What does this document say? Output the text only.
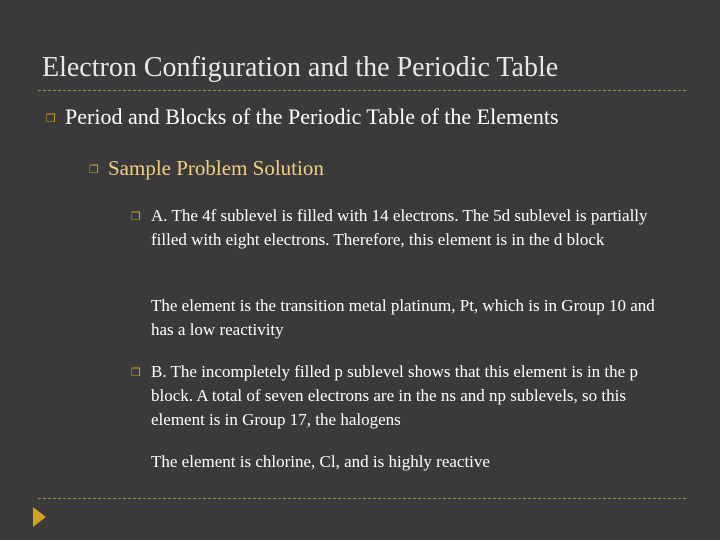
Electron Configuration and the Periodic Table
❒ Period and Blocks of the Periodic Table of the Elements
❒ Sample Problem Solution
❒ A. The 4f sublevel is filled with 14 electrons. The 5d sublevel is partially filled with eight electrons. Therefore, this element is in the d block
The element is the transition metal platinum, Pt, which is in Group 10 and has a low reactivity
❒ B. The incompletely filled p sublevel shows that this element is in the p block. A total of seven electrons are in the ns and np sublevels, so this element is in Group 17, the halogens
The element is chlorine, Cl, and is highly reactive
